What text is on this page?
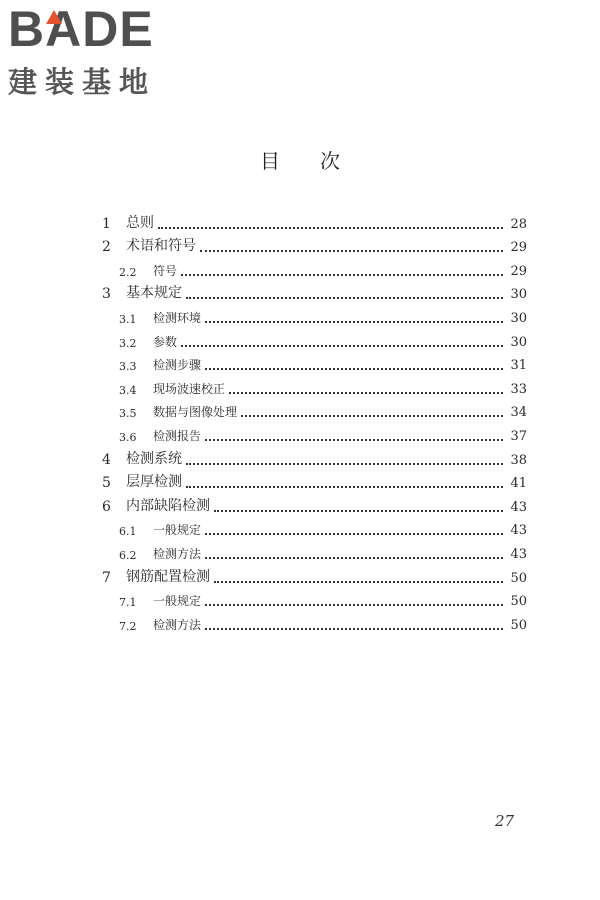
BADE
建装基地
目次
1	总则	28
2	术语和符号	29
2.2	符号	29
3	基本规定	30
3.1	检测环境	30
3.2	参数	30
3.3	检测步骤	31
3.4	现场波速校正	33
3.5	数据与图像处理	34
3.6	检测报告	37
4	检测系统	38
5	层厚检测	41
6	内部缺陷检测	43
6.1	一般规定	43
6.2	检测方法	43
7	钢筋配置检测	50
7.1	一般规定	50
7.2	检测方法	50
27
